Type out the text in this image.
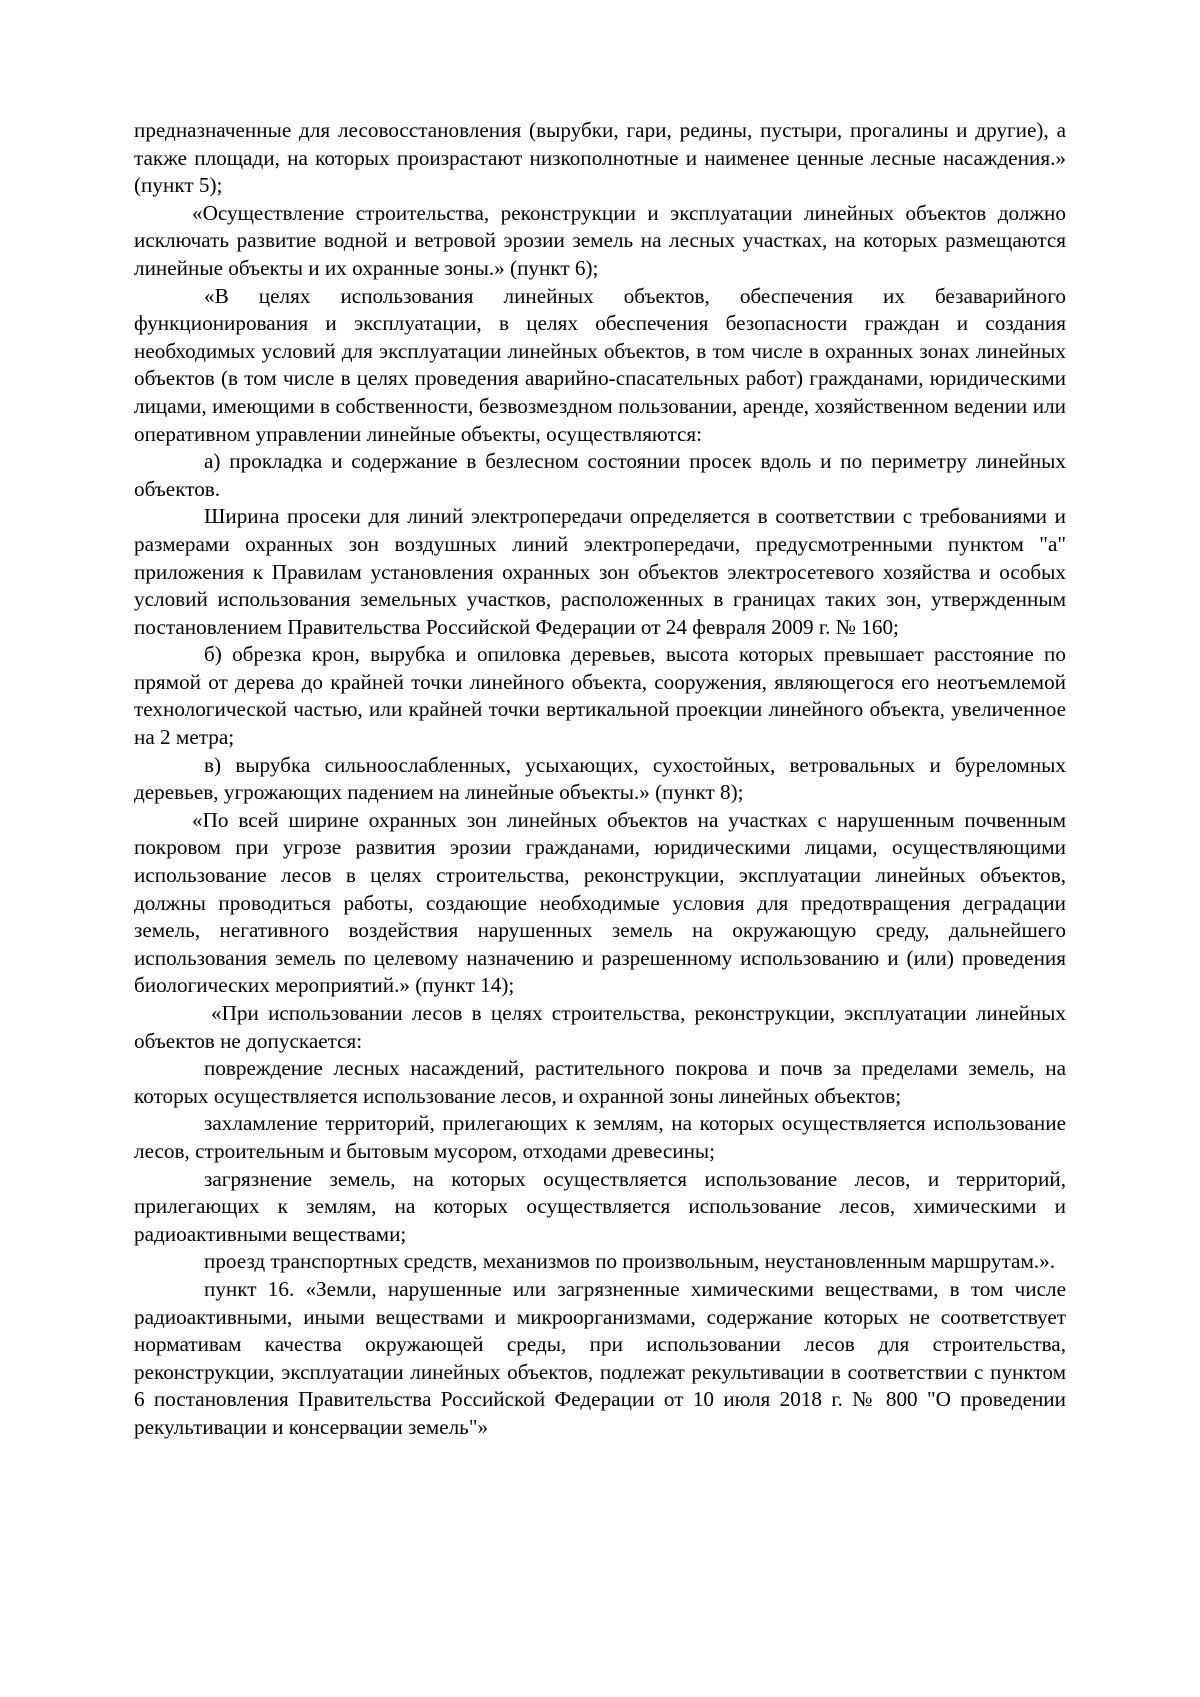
предназначенные для лесовосстановления (вырубки, гари, редины, пустыри, прогалины и другие), а также площади, на которых произрастают низкополнотные и наименее ценные лесные насаждения.» (пункт 5);

«Осуществление строительства, реконструкции и эксплуатации линейных объектов должно исключать развитие водной и ветровой эрозии земель на лесных участках, на которых размещаются линейные объекты и их охранные зоны.» (пункт 6);

«В целях использования линейных объектов, обеспечения их безаварийного функционирования и эксплуатации, в целях обеспечения безопасности граждан и создания необходимых условий для эксплуатации линейных объектов, в том числе в охранных зонах линейных объектов (в том числе в целях проведения аварийно-спасательных работ) гражданами, юридическими лицами, имеющими в собственности, безвозмездном пользовании, аренде, хозяйственном ведении или оперативном управлении линейные объекты, осуществляются:

а) прокладка и содержание в безлесном состоянии просек вдоль и по периметру линейных объектов.

Ширина просеки для линий электропередачи определяется в соответствии с требованиями и размерами охранных зон воздушных линий электропередачи, предусмотренными пунктом "а" приложения к Правилам установления охранных зон объектов электросетевого хозяйства и особых условий использования земельных участков, расположенных в границах таких зон, утвержденным постановлением Правительства Российской Федерации от 24 февраля 2009 г. № 160;

б) обрезка крон, вырубка и опиловка деревьев, высота которых превышает расстояние по прямой от дерева до крайней точки линейного объекта, сооружения, являющегося его неотъемлемой технологической частью, или крайней точки вертикальной проекции линейного объекта, увеличенное на 2 метра;

в) вырубка сильноослабленных, усыхающих, сухостойных, ветровальных и буреломных деревьев, угрожающих падением на линейные объекты.» (пункт 8);

«По всей ширине охранных зон линейных объектов на участках с нарушенным почвенным покровом при угрозе развития эрозии гражданами, юридическими лицами, осуществляющими использование лесов в целях строительства, реконструкции, эксплуатации линейных объектов, должны проводиться работы, создающие необходимые условия для предотвращения деградации земель, негативного воздействия нарушенных земель на окружающую среду, дальнейшего использования земель по целевому назначению и разрешенному использованию и (или) проведения биологических мероприятий.» (пункт 14);

«При использовании лесов в целях строительства, реконструкции, эксплуатации линейных объектов не допускается:

повреждение лесных насаждений, растительного покрова и почв за пределами земель, на которых осуществляется использование лесов, и охранной зоны линейных объектов;

захламление территорий, прилегающих к землям, на которых осуществляется использование лесов, строительным и бытовым мусором, отходами древесины;

загрязнение земель, на которых осуществляется использование лесов, и территорий, прилегающих к землям, на которых осуществляется использование лесов, химическими и радиоактивными веществами;

проезд транспортных средств, механизмов по произвольным, неустановленным маршрутам.».

пункт 16. «Земли, нарушенные или загрязненные химическими веществами, в том числе радиоактивными, иными веществами и микроорганизмами, содержание которых не соответствует нормативам качества окружающей среды, при использовании лесов для строительства, реконструкции, эксплуатации линейных объектов, подлежат рекультивации в соответствии с пунктом 6 постановления Правительства Российской Федерации от 10 июля 2018 г. № 800 "О проведении рекультивации и консервации земель"»
